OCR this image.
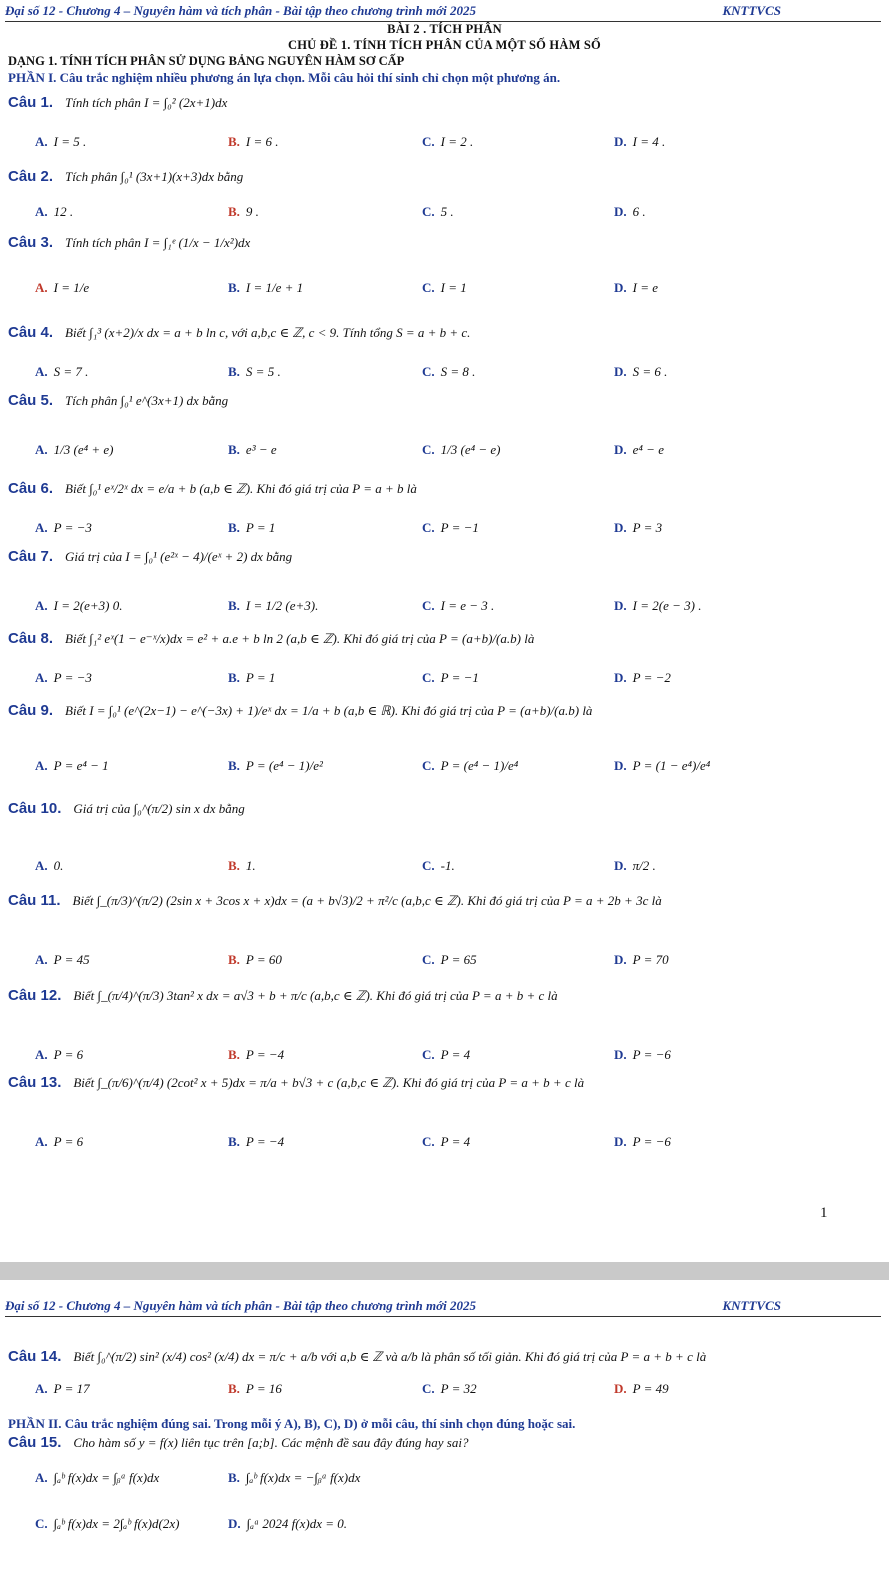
Đại số 12 - Chương 4 – Nguyên hàm và tích phân - Bài tập theo chương trình mới 2025	KNTTVCS
BÀI 2 . TÍCH PHÂN
CHỦ ĐỀ 1. TÍNH TÍCH PHÂN CỦA MỘT SỐ HÀM SỐ
DẠNG 1. TÍNH TÍCH PHÂN SỬ DỤNG BẢNG NGUYÊN HÀM SƠ CẤP
PHẦN I. Câu trắc nghiệm nhiều phương án lựa chọn. Mỗi câu hỏi thí sinh chỉ chọn một phương án.
Câu 1. Tính tích phân I = ∫₀² (2x+1)dx
A. I = 5 .	B. I = 6 .	C. I = 2 .	D. I = 4 .
Câu 2. Tích phân ∫₀¹ (3x+1)(x+3)dx bằng
A. 12 .	B. 9 .	C. 5 .	D. 6 .
Câu 3. Tính tích phân I = ∫₁ᵉ (1/x − 1/x²)dx
A. I = 1/e	B. I = 1/e + 1	C. I = 1	D. I = e
Câu 4. Biết ∫₁³ (x+2)/x dx = a + b ln c, với a,b,c ∈ ℤ, c < 9. Tính tổng S = a + b + c.
A. S = 7 .	B. S = 5 .	C. S = 8 .	D. S = 6 .
Câu 5. Tích phân ∫₀¹ e^(3x+1) dx bằng
A. 1/3 (e⁴ + e)	B. e³ − e	C. 1/3 (e⁴ − e)	D. e⁴ − e
Câu 6. Biết ∫₀¹ eˣ/2ˣ dx = e/a + b (a,b ∈ ℤ). Khi đó giá trị của P = a + b là
A. P = −3	B. P = 1	C. P = −1	D. P = 3
Câu 7. Giá trị của I = ∫₀¹ (e²ˣ − 4)/(eˣ + 2) dx bằng
A. I = 2(e+3) 0.	B. I = 1/2 (e+3).	C. I = e − 3 .	D. I = 2(e − 3) .
Câu 8. Biết ∫₁² eˣ(1 − e⁻ˣ/x)dx = e² + a.e + b ln 2 (a,b ∈ ℤ). Khi đó giá trị của P = (a+b)/(a.b) là
A. P = −3	B. P = 1	C. P = −1	D. P = −2
Câu 9. Biết I = ∫₀¹ (e^(2x−1) − e^(−3x) + 1)/eˣ dx = 1/a + b (a,b ∈ ℝ). Khi đó giá trị của P = (a+b)/(a.b) là
A. P = e⁴ − 1	B. P = (e⁴ − 1)/e²	C. P = (e⁴ − 1)/e⁴	D. P = (1 − e⁴)/e⁴
Câu 10. Giá trị của ∫₀^(π/2) sin x dx bằng
A. 0.	B. 1.	C. -1.	D. π/2 .
Câu 11. Biết ∫_(π/3)^(π/2) (2sin x + 3cos x + x)dx = (a + b√3)/2 + π²/c (a,b,c ∈ ℤ). Khi đó giá trị của P = a + 2b + 3c là
A. P = 45	B. P = 60	C. P = 65	D. P = 70
Câu 12. Biết ∫_(π/4)^(π/3) 3tan² x dx = a√3 + b + π/c (a,b,c ∈ ℤ). Khi đó giá trị của P = a + b + c là
A. P = 6	B. P = −4	C. P = 4	D. P = −6
Câu 13. Biết ∫_(π/6)^(π/4) (2cot² x + 5)dx = π/a + b√3 + c (a,b,c ∈ ℤ). Khi đó giá trị của P = a + b + c là
A. P = 6	B. P = −4	C. P = 4	D. P = −6
1
Đại số 12 - Chương 4 – Nguyên hàm và tích phân - Bài tập theo chương trình mới 2025	KNTTVCS
Câu 14. Biết ∫₀^(π/2) sin² (x/4) cos² (x/4) dx = π/c + a/b với a,b ∈ ℤ và a/b là phân số tối giản. Khi đó giá trị của P = a + b + c là
A. P = 17	B. P = 16	C. P = 32	D. P = 49
PHẦN II. Câu trắc nghiệm đúng sai. Trong mỗi ý A), B), C), D) ở mỗi câu, thí sinh chọn đúng hoặc sai.
Câu 15. Cho hàm số y = f(x) liên tục trên [a;b]. Các mệnh đề sau đây đúng hay sai?
A. ∫ₐᵇ f(x)dx = ∫ᵦᵃ f(x)dx	B. ∫ₐᵇ f(x)dx = −∫ᵦᵃ f(x)dx
C. ∫ₐᵇ f(x)dx = 2∫ₐᵇ f(x)d(2x)	D. ∫ₐᵃ 2024 f(x)dx = 0.
